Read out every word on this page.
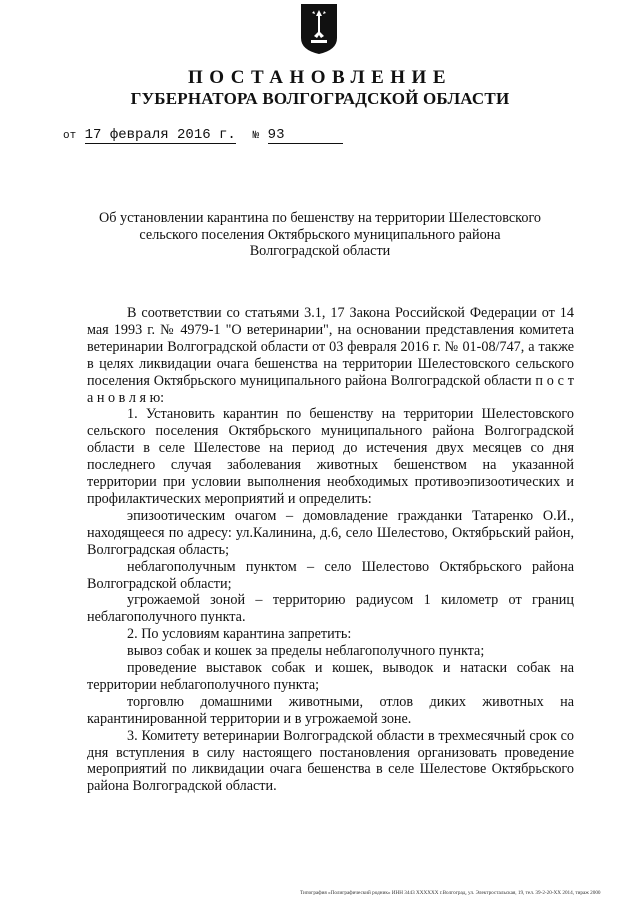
ПОСТАНОВЛЕНИЕ
ГУБЕРНАТОРА ВОЛГОГРАДСКОЙ ОБЛАСТИ
от 17 февраля 2016 г. № 93
Об установлении карантина по бешенству на территории Шелестовского
сельского поселения Октябрьского муниципального района
Волгоградской области

В соответствии со статьями 3.1, 17 Закона Российской Федерации от 14 мая 1993 г. № 4979-1 "О ветеринарии", на основании представления комитета ветеринарии Волгоградской области от 03 февраля 2016 г. № 01-08/747, а также в целях ликвидации очага бешенства на территории Шелестовского сельского поселения Октябрьского муниципального района Волгоградской области п о с т а н о в л я ю:

1. Установить карантин по бешенству на территории Шелестовского сельского поселения Октябрьского муниципального района Волгоградской области в селе Шелестове на период до истечения двух месяцев со дня последнего случая заболевания животных бешенством на указанной территории при условии выполнения необходимых противоэпизоотических и профилактических мероприятий и определить:

эпизоотическим очагом – домовладение гражданки Татаренко О.И., находящееся по адресу: ул.Калинина, д.6, село Шелестово, Октябрьский район, Волгоградская область;

неблагополучным пунктом – село Шелестово Октябрьского района Волгоградской области;

угрожаемой зоной – территорию радиусом 1 километр от границ неблагополучного пункта.

2. По условиям карантина запретить:

вывоз собак и кошек за пределы неблагополучного пункта;

проведение выставок собак и кошек, выводок и натаски собак на территории неблагополучного пункта;

торговлю домашними животными, отлов диких животных на карантинированной территории и в угрожаемой зоне.

3. Комитету ветеринарии Волгоградской области в трехмесячный срок со дня вступления в силу настоящего постановления организовать проведение мероприятий по ликвидации очага бешенства в селе Шелестове Октябрьского района Волгоградской области.

Типография «Полиграфический родник» ИНН 3443 XXXXXX г.Волгоград, ул. Электростальская, 19, тел. 39-2-20-XX 2014, тираж 2000
